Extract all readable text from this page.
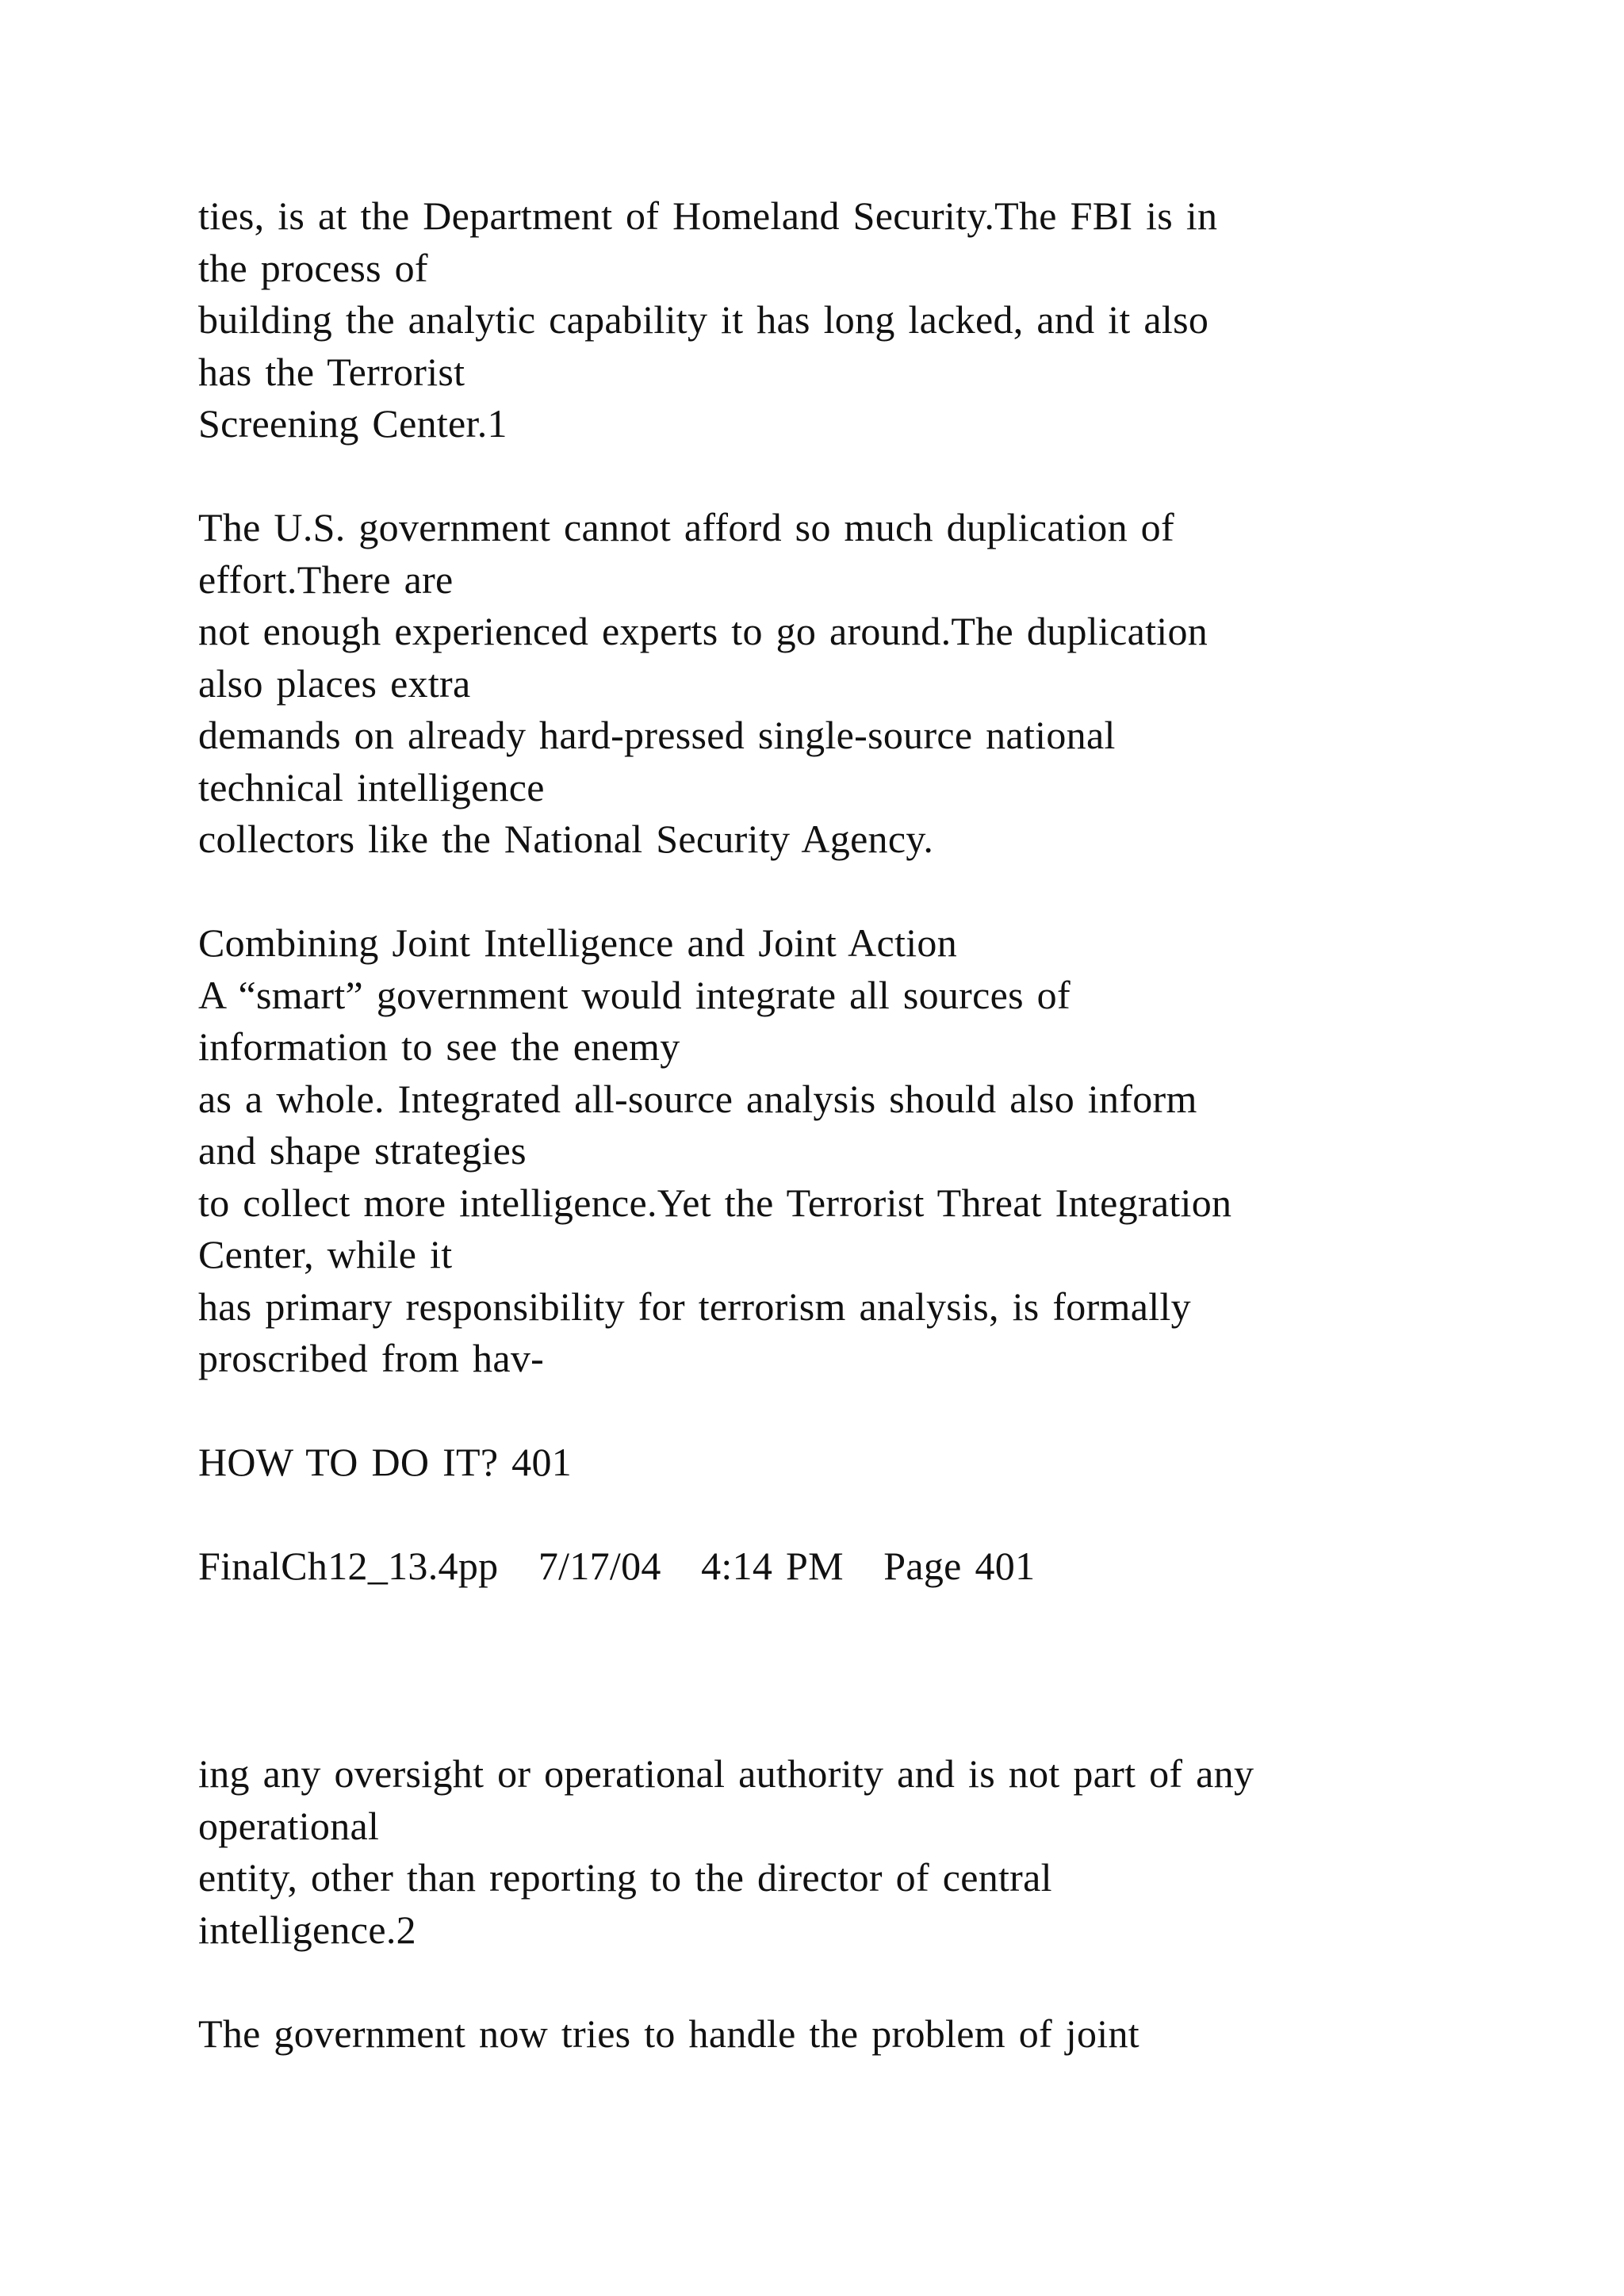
ties, is at the Department of Homeland Security.The FBI is in
the process of
building the analytic capability it has long lacked, and it also
has the Terrorist
Screening Center.1
The U.S. government cannot afford so much duplication of
effort.There are
not enough experienced experts to go around.The duplication
also places extra
demands on already hard-pressed single-source national
technical intelligence
collectors like the National Security Agency.
Combining Joint Intelligence and Joint Action
A “smart” government would integrate all sources of
information to see the enemy
as a whole. Integrated all-source analysis should also inform
and shape strategies
to collect more intelligence.Yet the Terrorist Threat Integration
Center, while it
has primary responsibility for terrorism analysis, is formally
proscribed from hav-
HOW TO DO IT? 401
FinalCh12_13.4pp   7/17/04   4:14 PM   Page 401
ing any oversight or operational authority and is not part of any
operational
entity, other than reporting to the director of central
intelligence.2
The government now tries to handle the problem of joint
